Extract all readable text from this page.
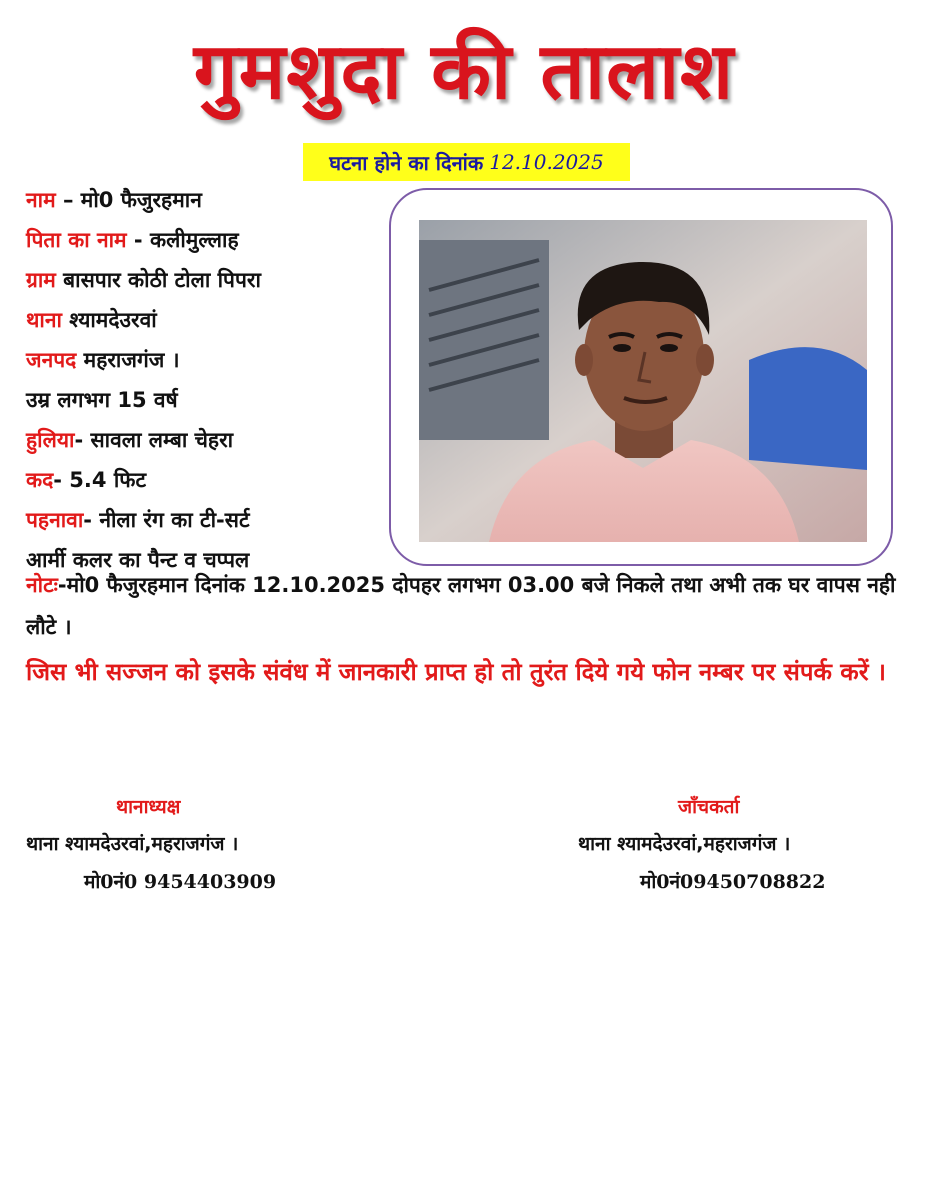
गुमशुदा की तालाश
घटना होने का दिनांक 12.10.2025
नाम – मो0 फैजुरहमान
पिता का नाम - कलीमुल्लाह
ग्राम बासपार कोठी टोला पिपरा
थाना श्यामदेउरवां
जनपद महराजगंज ।
उम्र लगभग 15 वर्ष
हुलिया- सावला लम्बा चेहरा
कद- 5.4 फिट
पहनावा- नीला रंग का टी-सर्ट
आर्मी कलर का पैन्ट व चप्पल
नोटः-मो0 फैजुरहमान दिनांक 12.10.2025 दोपहर लगभग 03.00 बजे निकले तथा अभी तक घर वापस नही लौटे ।
जिस भी सज्जन को इसके संवंध में जानकारी प्राप्त हो तो तुरंत दिये गये फोन नम्बर पर संपर्क करें ।
थानाध्यक्ष
थाना श्यामदेउरवां,महराजगंज ।
मो0नं0 9454403909
जाँचकर्ता
थाना श्यामदेउरवां,महराजगंज ।
मो0नं09450708822
